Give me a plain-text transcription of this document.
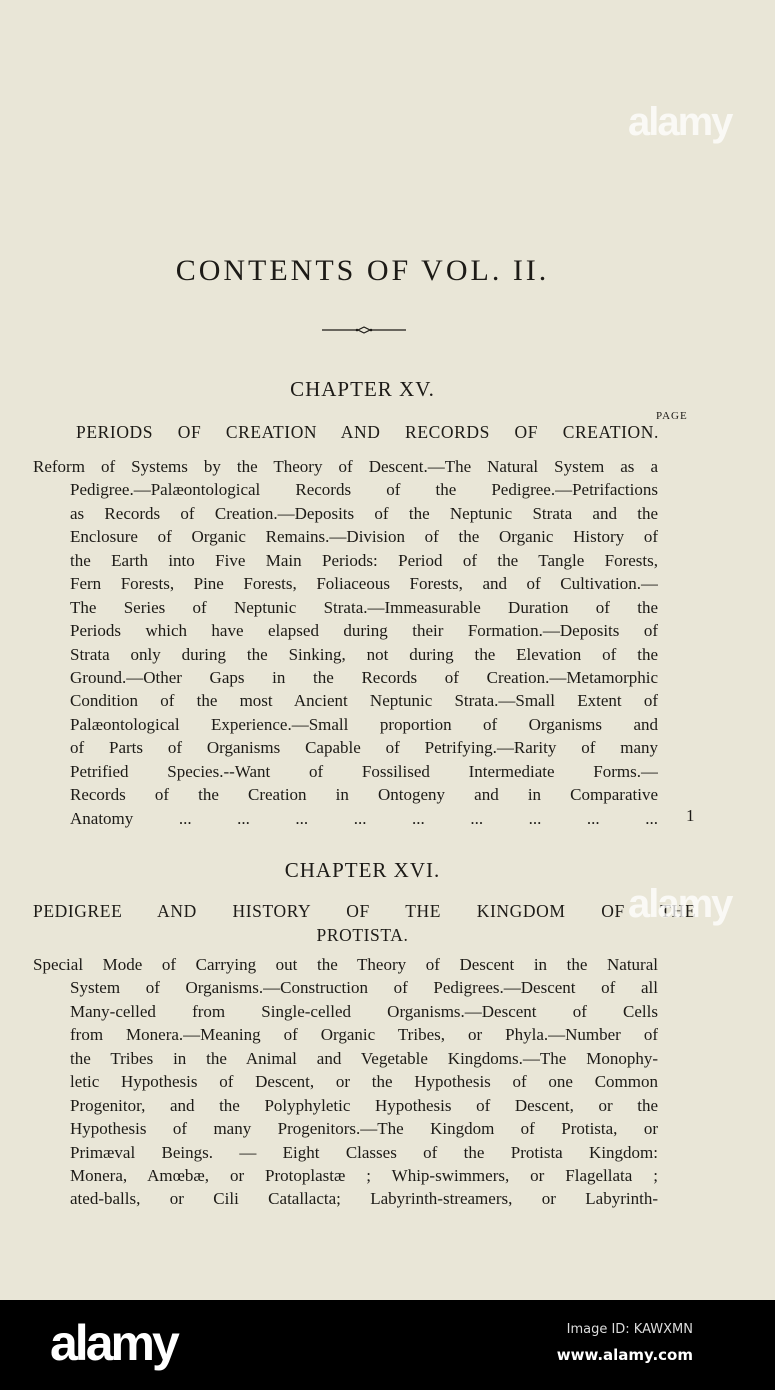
CONTENTS OF VOL. II.
CHAPTER XV.
PAGE
PERIODS OF CREATION AND RECORDS OF CREATION.
Reform of Systems by the Theory of Descent.—The Natural System as a
Pedigree.—Palæontological Records of the Pedigree.—Petrifactions
as Records of Creation.—Deposits of the Neptunic Strata and the
Enclosure of Organic Remains.—Division of the Organic History of
the Earth into Five Main Periods: Period of the Tangle Forests,
Fern Forests, Pine Forests, Foliaceous Forests, and of Cultivation.—
The Series of Neptunic Strata.—Immeasurable Duration of the
Periods which have elapsed during their Formation.—Deposits of
Strata only during the Sinking, not during the Elevation of the
Ground.—Other Gaps in the Records of Creation.—Metamorphic
Condition of the most Ancient Neptunic Strata.—Small Extent of
Palæontological Experience.—Small proportion of Organisms and
of Parts of Organisms Capable of Petrifying.—Rarity of many
Petrified Species.--Want of Fossilised Intermediate Forms.—
Records of the Creation in Ontogeny and in Comparative
Anatomy ... ... ... ... ... ... ... ... ... 1
CHAPTER XVI.
PEDIGREE AND HISTORY OF THE KINGDOM OF THE
PROTISTA.
Special Mode of Carrying out the Theory of Descent in the Natural
System of Organisms.—Construction of Pedigrees.—Descent of all
Many-celled from Single-celled Organisms.—Descent of Cells
from Monera.—Meaning of Organic Tribes, or Phyla.—Number of
the Tribes in the Animal and Vegetable Kingdoms.—The Monophy-
letic Hypothesis of Descent, or the Hypothesis of one Common
Progenitor, and the Polyphyletic Hypothesis of Descent, or the
Hypothesis of many Progenitors.—The Kingdom of Protista, or
Primæval Beings. — Eight Classes of the Protista Kingdom:
Monera, Amœbæ, or Protoplastæ ; Whip-swimmers, or Flagellata ;
ated-balls, or Cili Catallacta; Labyrinth-streamers, or Labyrinth-
alamy
alamy
alamy	Image ID: KAWXMN
www.alamy.com
